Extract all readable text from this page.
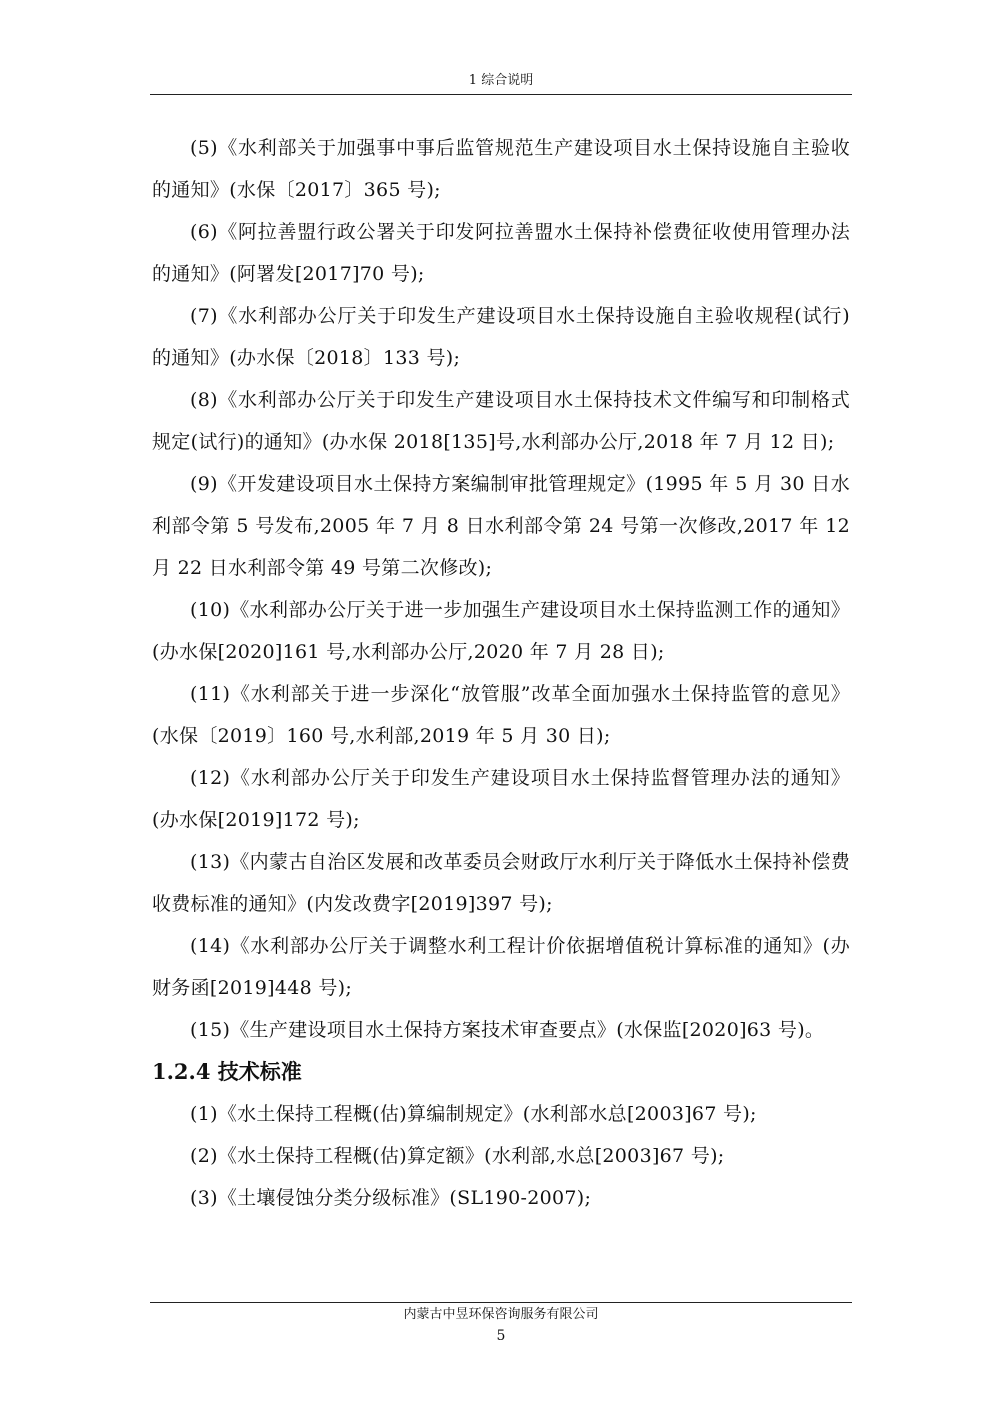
1 综合说明

(5)《水利部关于加强事中事后监管规范生产建设项目水土保持设施自主验收的通知》(水保〔2017〕365 号);

(6)《阿拉善盟行政公署关于印发阿拉善盟水土保持补偿费征收使用管理办法的通知》(阿署发[2017]70 号);

(7)《水利部办公厅关于印发生产建设项目水土保持设施自主验收规程(试行)的通知》(办水保〔2018〕133 号);

(8)《水利部办公厅关于印发生产建设项目水土保持技术文件编写和印制格式规定(试行)的通知》(办水保 2018[135]号,水利部办公厅,2018 年 7 月 12 日);

(9)《开发建设项目水土保持方案编制审批管理规定》(1995 年 5 月 30 日水利部令第 5 号发布,2005 年 7 月 8 日水利部令第 24 号第一次修改,2017 年 12 月 22 日水利部令第 49 号第二次修改);

(10)《水利部办公厅关于进一步加强生产建设项目水土保持监测工作的通知》(办水保[2020]161 号,水利部办公厅,2020 年 7 月 28 日);

(11)《水利部关于进一步深化“放管服”改革全面加强水土保持监管的意见》(水保〔2019〕160 号,水利部,2019 年 5 月 30 日);

(12)《水利部办公厅关于印发生产建设项目水土保持监督管理办法的通知》(办水保[2019]172 号);

(13)《内蒙古自治区发展和改革委员会财政厅水利厅关于降低水土保持补偿费收费标准的通知》(内发改费字[2019]397 号);

(14)《水利部办公厅关于调整水利工程计价依据增值税计算标准的通知》(办财务函[2019]448 号);

(15)《生产建设项目水土保持方案技术审查要点》(水保监[2020]63 号)。

1.2.4 技术标准

(1)《水土保持工程概(估)算编制规定》(水利部水总[2003]67 号);

(2)《水土保持工程概(估)算定额》(水利部,水总[2003]67 号);

(3)《土壤侵蚀分类分级标准》(SL190-2007);

内蒙古中昱环保咨询服务有限公司
5
